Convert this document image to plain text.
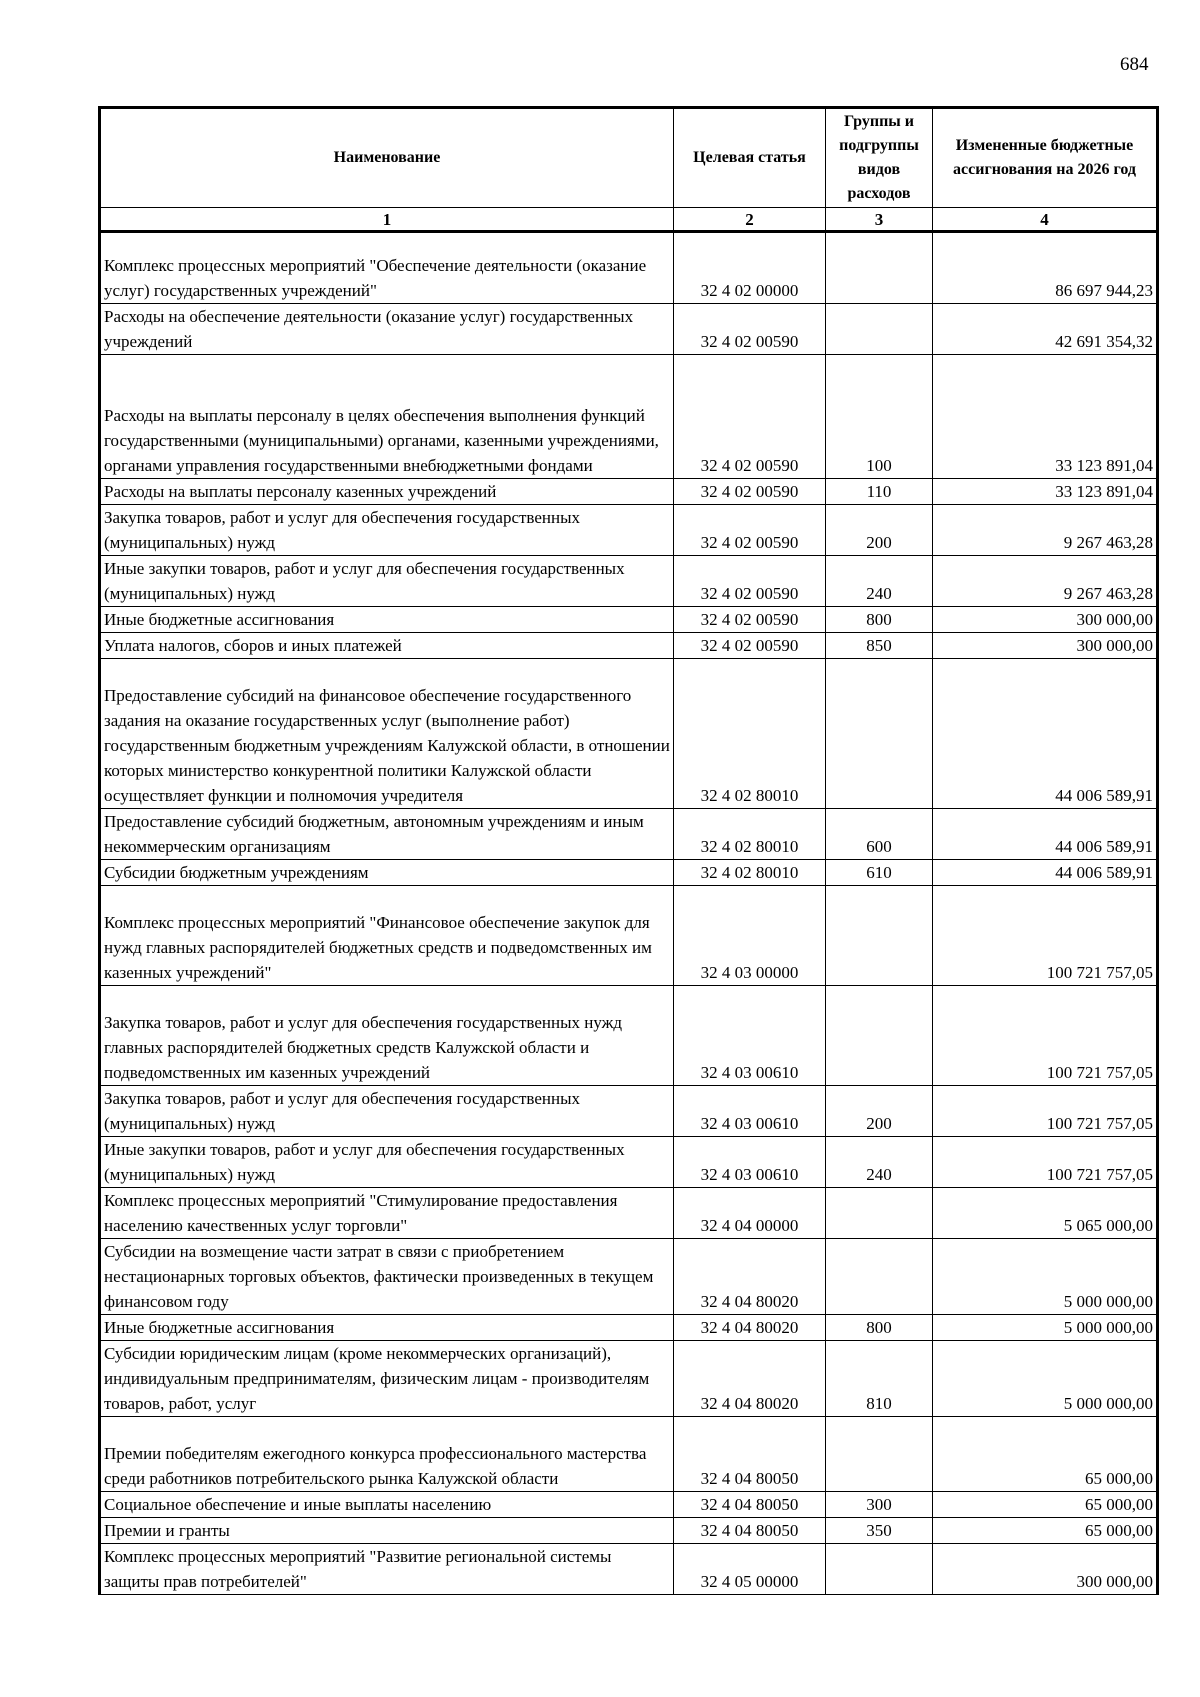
684
Наименование	Целевая статья	Группы и подгруппы видов расходов	Измененные бюджетные ассигнования на 2026 год
1	2	3	4
Комплекс процессных мероприятий "Обеспечение деятельности (оказание услуг) государственных учреждений"	32 4 02 00000		86 697 944,23
Расходы на обеспечение деятельности (оказание услуг) государственных учреждений	32 4 02 00590		42 691 354,32
Расходы на выплаты персоналу в целях обеспечения выполнения функций государственными (муниципальными) органами, казенными учреждениями, органами управления государственными внебюджетными фондами	32 4 02 00590	100	33 123 891,04
Расходы на выплаты персоналу казенных учреждений	32 4 02 00590	110	33 123 891,04
Закупка товаров, работ и услуг для обеспечения государственных (муниципальных) нужд	32 4 02 00590	200	9 267 463,28
Иные закупки товаров, работ и услуг для обеспечения государственных (муниципальных) нужд	32 4 02 00590	240	9 267 463,28
Иные бюджетные ассигнования	32 4 02 00590	800	300 000,00
Уплата налогов, сборов и иных платежей	32 4 02 00590	850	300 000,00
Предоставление субсидий на финансовое обеспечение государственного задания на оказание государственных услуг (выполнение работ) государственным бюджетным учреждениям Калужской области, в отношении которых министерство конкурентной политики Калужской области осуществляет функции и полномочия учредителя	32 4 02 80010		44 006 589,91
Предоставление субсидий бюджетным, автономным учреждениям и иным некоммерческим организациям	32 4 02 80010	600	44 006 589,91
Субсидии бюджетным учреждениям	32 4 02 80010	610	44 006 589,91
Комплекс процессных мероприятий "Финансовое обеспечение закупок для нужд главных распорядителей бюджетных средств и подведомственных им казенных учреждений"	32 4 03 00000		100 721 757,05
Закупка товаров, работ и услуг для обеспечения государственных нужд главных распорядителей бюджетных средств Калужской области и подведомственных им казенных учреждений	32 4 03 00610		100 721 757,05
Закупка товаров, работ и услуг для обеспечения государственных (муниципальных) нужд	32 4 03 00610	200	100 721 757,05
Иные закупки товаров, работ и услуг для обеспечения государственных (муниципальных) нужд	32 4 03 00610	240	100 721 757,05
Комплекс процессных мероприятий "Стимулирование предоставления населению качественных услуг торговли"	32 4 04 00000		5 065 000,00
Субсидии на возмещение части затрат в связи с приобретением нестационарных торговых объектов, фактически произведенных в текущем финансовом году	32 4 04 80020		5 000 000,00
Иные бюджетные ассигнования	32 4 04 80020	800	5 000 000,00
Субсидии юридическим лицам (кроме некоммерческих организаций), индивидуальным предпринимателям, физическим лицам - производителям товаров, работ, услуг	32 4 04 80020	810	5 000 000,00
Премии победителям ежегодного конкурса профессионального мастерства среди работников потребительского рынка Калужской области	32 4 04 80050		65 000,00
Социальное обеспечение и иные выплаты населению	32 4 04 80050	300	65 000,00
Премии и гранты	32 4 04 80050	350	65 000,00
Комплекс процессных мероприятий "Развитие региональной системы защиты прав потребителей"	32 4 05 00000		300 000,00
